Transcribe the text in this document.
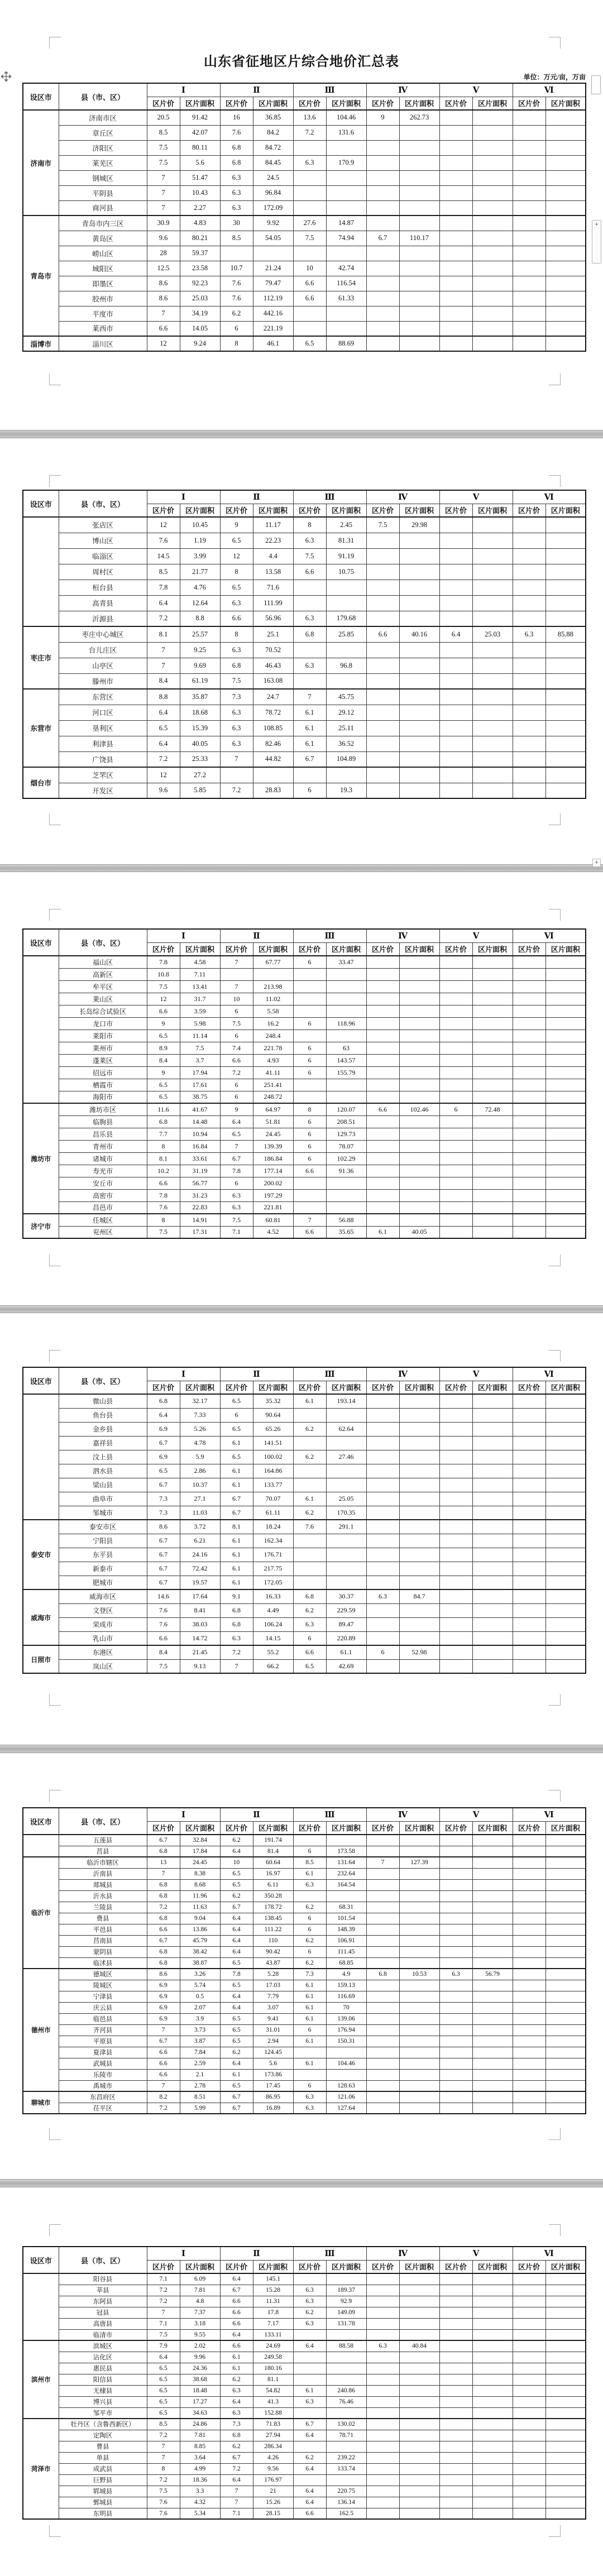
山东省征地区片综合地价汇总表
单位：万元/亩，万亩
设区市	县（市、区）	Ⅰ		Ⅱ		Ⅲ		Ⅳ		Ⅴ		Ⅵ	
		区片价	区片面积	区片价	区片面积	区片价	区片面积	区片价	区片面积	区片价	区片面积	区片价	区片面积
济南市	济南市区	20.5	91.42	16	36.85	13.6	104.46	9	262.73				
	章丘区	8.5	42.07	7.6	84.2	7.2	131.6						
	济阳区	7.5	80.11	6.8	84.72								
	莱芜区	7.5	5.6	6.8	84.45	6.3	170.9						
	钢城区	7	51.47	6.3	24.5								
	平阴县	7	10.43	6.3	96.84								
	商河县	7	2.27	6.3	172.09								
青岛市	青岛市内三区	30.9	4.83	30	9.92	27.6	14.87						
	黄岛区	9.6	80.21	8.5	54.05	7.5	74.94	6.7	110.17				
	崂山区	28	59.37										
	城阳区	12.5	23.58	10.7	21.24	10	42.74						
	即墨区	8.6	92.23	7.6	79.47	6.6	116.54						
	胶州市	8.6	25.03	7.6	112.19	6.6	61.33						
	平度市	7	34.19	6.2	442.16								
	莱西市	6.6	14.05	6	221.19								
淄博市	淄川区	12	9.24	8	46.1	6.5	88.69						
设区市	县（市、区）	Ⅰ		Ⅱ		Ⅲ		Ⅳ		Ⅴ		Ⅵ	
		区片价	区片面积	区片价	区片面积	区片价	区片面积	区片价	区片面积	区片价	区片面积	区片价	区片面积
	张店区	12	10.45	9	11.17	8	2.45	7.5	29.98				
	博山区	7.6	1.19	6.5	22.23	6.3	81.31						
	临淄区	14.5	3.99	12	4.4	7.5	91.19						
	周村区	8.5	21.77	8	13.58	6.6	10.75						
	桓台县	7.8	4.76	6.5	71.6								
	高青县	6.4	12.64	6.3	111.99								
	沂源县	7.2	8.8	6.6	56.96	6.3	179.68						
枣庄市	枣庄中心城区	8.1	25.57	8	25.1	6.8	25.85	6.6	40.16	6.4	25.03	6.3	85.88
	台儿庄区	7	9.25	6.3	70.52								
	山亭区	7	9.69	6.8	46.43	6.3	96.8						
	滕州市	8.4	61.19	7.5	163.08								
东营市	东营区	8.8	35.87	7.3	24.7	7	45.75						
	河口区	6.4	18.68	6.3	78.72	6.1	29.12						
	垦利区	6.5	15.39	6.3	108.85	6.1	25.11						
	利津县	6.4	40.05	6.3	82.46	6.1	36.52						
	广饶县	7.2	25.33	7	44.82	6.7	104.89						
烟台市	芝罘区	12	27.2										
	开发区	9.6	5.85	7.2	28.83	6	19.3						
设区市	县（市、区）	Ⅰ		Ⅱ		Ⅲ		Ⅳ		Ⅴ		Ⅵ	
		区片价	区片面积	区片价	区片面积	区片价	区片面积	区片价	区片面积	区片价	区片面积	区片价	区片面积
	福山区	7.8	4.58	7	67.77	6	33.47						
	高新区	10.8	7.11										
	牟平区	7.5	13.41	7	213.98								
	莱山区	12	31.7	10	11.02								
	长岛综合试验区	6.6	3.59	6	5.58								
	龙口市	9	5.98	7.5	16.2	6	118.96						
	莱阳市	6.5	11.14	6	248.4								
	莱州市	8.9	7.5	7.4	221.78	6	63						
	蓬莱区	8.4	3.7	6.6	4.93	6	143.57						
	招远市	9	17.94	7.2	41.11	6	155.79						
	栖霞市	6.5	17.61	6	251.41								
	海阳市	6.5	38.75	6	248.72								
潍坊市	潍坊市区	11.6	41.67	9	64.97	8	120.07	6.6	102.46	6	72.48		
	临朐县	6.8	14.48	6.4	51.81	6	208.51						
	昌乐县	7.7	10.94	6.5	24.45	6	129.73						
	青州市	8	16.84	7	139.39	6	78.07						
	诸城市	8.1	33.61	6.7	186.84	6	102.29						
	寿光市	10.2	31.19	7.8	177.14	6.6	91.36						
	安丘市	6.6	56.77	6	200.02								
	高密市	7.8	31.23	6.3	197.29								
	昌邑市	7.6	22.83	6.3	221.81								
济宁市	任城区	8	14.91	7.5	60.81	7	56.88						
	兖州区	7.5	17.31	7.1	4.52	6.6	35.65	6.1	40.05				
设区市	县（市、区）	Ⅰ		Ⅱ		Ⅲ		Ⅳ		Ⅴ		Ⅵ	
		区片价	区片面积	区片价	区片面积	区片价	区片面积	区片价	区片面积	区片价	区片面积	区片价	区片面积
	微山县	6.8	32.17	6.5	35.32	6.1	193.14						
	鱼台县	6.4	7.33	6	90.64								
	金乡县	6.9	5.26	6.5	65.26	6.2	62.64						
	嘉祥县	6.7	4.78	6.1	141.51								
	汶上县	6.9	5.9	6.5	100.02	6.2	27.46						
	泗水县	6.5	2.86	6.1	164.86								
	梁山县	6.7	10.37	6.1	133.77								
	曲阜市	7.3	27.1	6.7	70.07	6.1	25.05						
	邹城市	7.3	11.03	6.7	61.11	6.2	170.35						
泰安市	泰安市区	8.6	3.72	8.1	18.24	7.6	291.1						
	宁阳县	6.7	6.21	6.1	162.34								
	东平县	6.7	24.16	6.1	176.71								
	新泰市	6.7	72.42	6.1	217.75								
	肥城市	6.7	19.57	6.1	172.05								
威海市	威海市区	14.6	17.64	9.1	16.33	6.8	30.37	6.3	84.7				
	文登区	7.6	8.41	6.8	4.49	6.2	229.59						
	荣成市	7.6	38.03	6.8	106.24	6.3	89.47						
	乳山市	6.6	14.72	6.3	14.15	6	220.89						
日照市	东港区	8.4	21.45	7.2	55.2	6.6	61.1	6	52.98				
	岚山区	7.5	9.13	7	66.2	6.5	42.69						
设区市	县（市、区）	Ⅰ		Ⅱ		Ⅲ		Ⅳ		Ⅴ		Ⅵ	
		区片价	区片面积	区片价	区片面积	区片价	区片面积	区片价	区片面积	区片价	区片面积	区片价	区片面积
	五莲县	6.7	32.84	6.2	191.74								
	莒县	6.8	17.84	6.4	81.4	6	173.58						
临沂市	临沂市辖区	13	24.45	10	60.64	8.5	131.64	7	127.39				
	沂南县	7	8.38	6.5	16.97	6.1	232.64						
	郯城县	6.8	8.68	6.5	6.11	6.3	164.54						
	沂水县	6.8	11.96	6.2	350.28								
	兰陵县	7.2	11.63	6.7	178.72	6.2	68.31						
	费县	6.8	9.04	6.4	138.45	6	101.54						
	平邑县	6.6	13.86	6.4	111.22	6	148.39						
	莒南县	6.7	45.79	6.4	110	6.2	106.91						
	蒙阴县	6.8	38.42	6.4	90.42	6	111.45						
	临沭县	6.8	38.87	6.5	43.87	6.2	68.85						
德州市	德城区	8.6	3.26	7.8	5.28	7.3	4.9	6.8	10.53	6.3	56.79		
	陵城区	6.9	5.74	6.5	17.03	6.1	159.13						
	宁津县	6.9	0.5	6.4	7.79	6.1	116.69						
	庆云县	6.9	2.07	6.4	3.07	6.1	70						
	临邑县	6.9	3.9	6.5	9.41	6.1	139.06						
	齐河县	7	3.73	6.5	31.01	6	176.94						
	平原县	6.7	3.87	6.5	2.94	6.1	150.31						
	夏津县	6.6	7.84	6.2	124.45								
	武城县	6.6	2.59	6.4	5.6	6.1	104.46						
	乐陵市	6.6	2.1	6.1	173.86								
	禹城市	7	2.78	6.5	17.45	6	128.63						
聊城市	东昌府区	8.2	8.51	6.7	86.95	6.3	121.06						
	茌平区	7.2	5.99	6.7	16.89	6.3	127.64						
设区市	县（市、区）	Ⅰ		Ⅱ		Ⅲ		Ⅳ		Ⅴ		Ⅵ	
		区片价	区片面积	区片价	区片面积	区片价	区片面积	区片价	区片面积	区片价	区片面积	区片价	区片面积
	阳谷县	7.1	6.09	6.4	145.1								
	莘县	7.2	7.81	6.7	15.28	6.3	189.37						
	东阿县	7.2	4.8	6.6	11.31	6.3	92.9						
	冠县	7	7.37	6.6	17.8	6.2	149.09						
	高唐县	7.1	3.18	6.6	7.17	6.3	131.78						
	临清市	7.5	9.55	6.4	133.11								
滨州市	滨城区	7.9	2.02	6.6	24.69	6.4	88.58	6.3	40.84				
	沾化区	6.4	9.96	6.1	249.58								
	惠民县	6.5	24.36	6.1	180.16								
	阳信县	6.5	38.68	6.2	81.1								
	无棣县	6.5	18.48	6.3	54.82	6.1	240.86						
	博兴县	6.5	17.27	6.4	41.3	6.3	76.46						
	邹平市	6.5	34.63	6.3	152.88								
菏泽市	牡丹区（含鲁西新区）	8.5	24.86	7.3	71.83	6.7	130.02						
	定陶区	7.2	7.81	6.8	27.94	6.4	78.71						
	曹县	7	8.85	6.2	286.34								
	单县	7	3.64	6.7	4.26	6.2	239.22						
	成武县	8	4.99	7.2	9.56	6.4	133.74						
	巨野县	7.2	18.36	6.4	176.97								
	郓城县	7.5	3.3	7	21	6.4	220.75						
	鄄城县	7.6	4.32	7	15.26	6.4	136.14						
	东明县	7.6	5.34	7.1	28.15	6.6	162.5						
+
+
